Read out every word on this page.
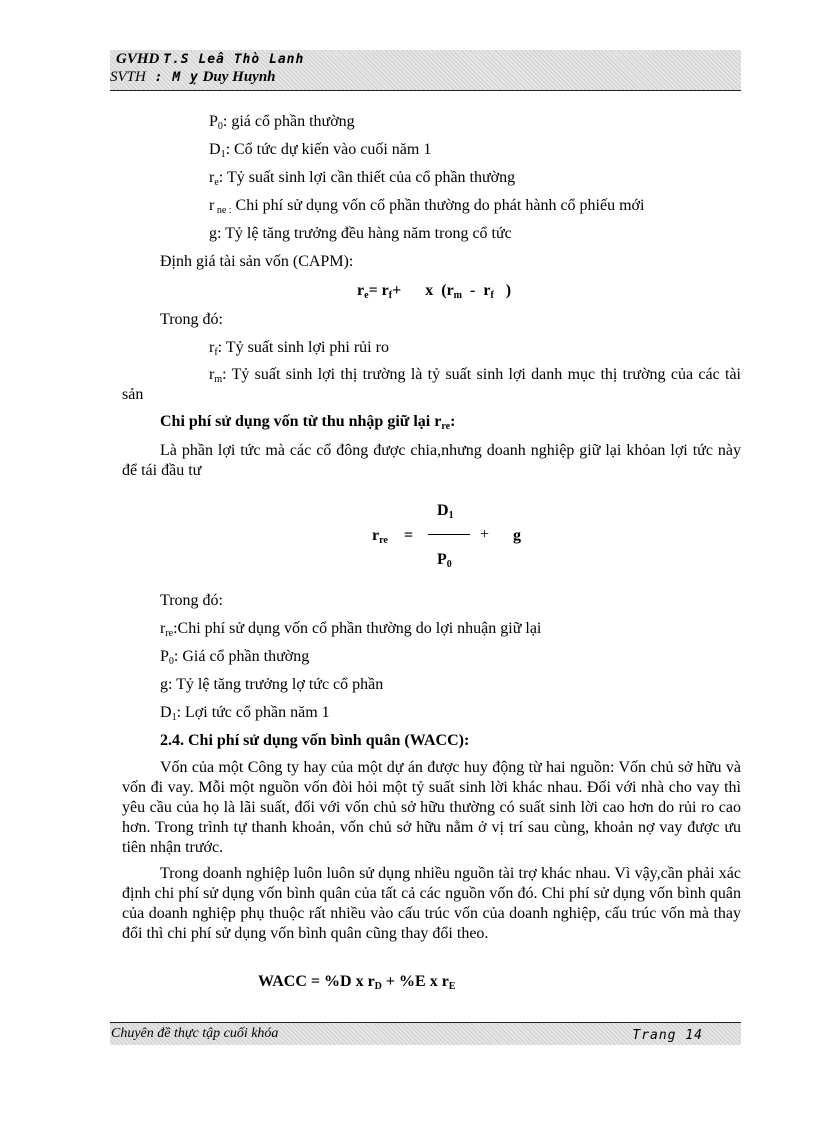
GVHD T.S Leâ Thò Lanh
SVTH : M ỵ Duy Huynh
$P_0$: giá cổ phần thường
$D_1$: Cổ tức dự kiến vào cuối năm 1
$r_e$: Tỷ suất sinh lợi cần thiết của cổ phần thường
r $_{ne :}$ Chi phí sử dụng vốn cổ phần thường do phát hành cổ phiếu mới
g: Tỷ lệ tăng trưởng đều hàng năm trong cổ tức
Định giá tài sản vốn (CAPM):
$r_e= r_f+$      x  ($r_m - r_f$   )
Trong đó:
$r_f$: Tỷ suất sinh lợi phi rủi ro
$r_m$: Tỷ suất sinh lợi thị trường là tỷ suất sinh lợi danh mục thị trường của các tài sản
Chi phí sử dụng vốn từ thu nhập giữ lại $r_{re}$:
Là phần lợi tức mà các cổ đông được chia,nhưng doanh nghiệp giữ lại khỏan lợi tức này để tái đầu tư
$r_{re}$ =
$D_1$
$P_0$
+ g
Trong đó:
$r_{re}:Chi$ phí sử dụng vốn cổ phần thường do lợi nhuận giữ lại
$P_0$: Giá cổ phần thường
g: Tỷ lệ tăng trưởng lợ tức cổ phần
$D_1$: Lợi tức cổ phần năm 1
2.4. Chi phí sử dụng vốn bình quân (WACC):
Vốn của một Công ty hay của một dự án được huy động từ hai nguồn: Vốn chủ sở hữu và vốn đi vay. Mỗi một nguồn vốn đòi hỏi một tỷ suất sinh lời khác nhau. Đối với nhà cho vay thì yêu cầu của họ là lãi suất, đối với vốn chủ sở hữu thường có suất sinh lời cao hơn do rủi ro cao hơn. Trong trình tự thanh khoản, vốn chủ sở hữu nằm ở vị trí sau cùng, khoản nợ vay được ưu tiên nhận trước.
Trong doanh nghiệp luôn luôn sử dụng nhiều nguồn tài trợ khác nhau. Vì vậy,cần phải xác định chi phí sử dụng vốn bình quân của tất cả các nguồn vốn đó. Chi phí sử dụng vốn bình quân của doanh nghiệp phụ thuộc rất nhiều vào cấu trúc vốn của doanh nghiệp, cấu trúc vốn mà thay đổi thì chi phí sử dụng vốn bình quân cũng thay đổi theo.
WACC = %D x $r_D + \%E$ x $r_E$
Chuyên đề thực tập cuối khóa	Trang 14
